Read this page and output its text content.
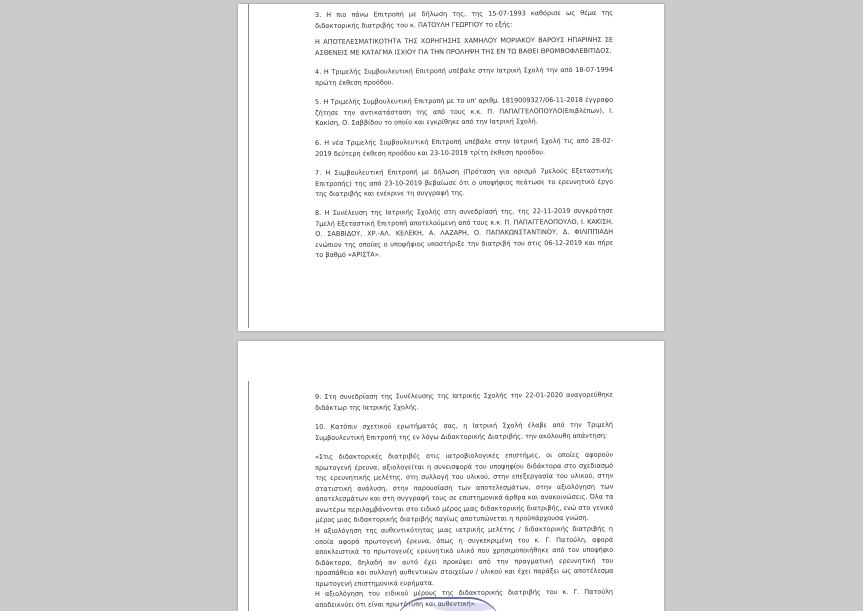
3. Η πιο πάνω Επιτροπή με δήλωση της, της 15-07-1993 καθόρισε ως θέμα της διδακτορικής διατριβής του κ. ΠΑΤΟΥΛΗ ΓΕΩΡΓΙΟΥ το εξής:

Η ΑΠΟΤΕΛΕΣΜΑΤΙΚΟΤΗΤΑ ΤΗΣ ΧΟΡΗΓΗΣΗΣ ΧΑΜΗΛΟΥ ΜΟΡΙΑΚΟΥ ΒΑΡΟΥΣ ΗΠΑΡΙΝΗΣ ΣΕ ΑΣΘΕΝΕΙΣ ΜΕ ΚΑΤΑΓΜΑ ΙΣΧΙΟΥ ΓΙΑ ΤΗΝ ΠΡΟΛΗΨΗ ΤΗΣ ΕΝ ΤΩ ΒΑΘΕΙ ΘΡΟΜΒΟΦΛΕΒΙΤΙΔΟΣ.

4. Η Τριμελής Συμβουλευτική Επιτροπή υπέβαλε στην Ιατρική Σχολή την από 18-07-1994 πρώτη έκθεση προόδου.

5. Η Τριμελής Συμβουλευτική Επιτροπή με το υπ' αριθμ. 1819009327/06-11-2018 έγγραφο ζήτησε την αντικατάσταση της από τους κ.κ. Π. ΠΑΠΑΓΓΕΛΟΠΟΥΛΟ(Επιβλέπων), Ι. Κακίση, Ο. Σαββίδου το οποίο και εγκρίθηκε από την Ιατρική Σχολή.

6. Η νέα Τριμελής Συμβουλευτική Επιτροπή υπέβαλε στην Ιατρική Σχολή τις από 28-02-2019 δεύτερη έκθεση προόδου και 23-10-2019 τρίτη έκθεση προόδου.

7. Η Συμβουλευτική Επιτροπή με δήλωση (Πρόταση για ορισμό 7μελούς Εξεταστικής Επιτροπής) της από 23-10-2019 βεβαίωσε ότι ο υποψήφιος πεάτωσε το ερευνητικό έργο της διατριβής και ενέκρινε τη συγγραφή της.

8. Η Συνέλευση της Ιατρικής Σχολής στη συνεδρίασή της, της 22-11-2019 συγκρότησε 7μελή Εξεταστική Επιτροπή αποτελούμενη από τους κ.κ. Π. ΠΑΠΑΓΓΕΛΟΠΟΥΛΟ, Ι. ΚΑΚΙΣΗ, Ο. ΣΑΒΒΙΔΟΥ, ΧΡ.-ΑΛ. ΚΕΛΕΚΗ, Α. ΛΑΖΑΡΗ, Ο. ΠΑΠΑΚΩΝΣΤΑΝΤΙΝΟΥ, Δ. ΦΙΛΙΠΠΙΑΔΗ ενώπιον της οποίας ο υποψήφιος υποστήριξε την διατριβή του στις 06-12-2019 και πήρε το βαθμό «ΑΡΙΣΤΑ».

9. Στη συνεδρίαση της Συνέλευσης της Ιατρικής Σχολής την 22-01-2020 αναγορεύθηκε διδάκτωρ της Ιατρικής Σχολής.

10. Κατόπιν σχετικού ερωτήματός σας, η Ιατρική Σχολή έλαβε από την Τριμελή Συμβουλευτική Επιτροπή της εν λόγω Διδακτορικής Διατριβής, την ακόλουθη απάντηση:

«Στις διδακτορικές διατριβές στις ιατροβιολογικές επιστήμες, οι οποίες αφορούν πρωτογενή έρευνα, αξιολογείται η συνεισφορά του υποψηφίου διδάκτορα στο σχεδιασμό της ερευνητικής μελέτης, στη συλλογή του υλικού, στην επεξεργασία του υλικού, στην στατιστική ανάλυση, στην παρουσίαση των αποτελεσμάτων, στην αξιολόγηση των αποτελεσμάτων και στη συγγραφή τους σε επιστημονικά άρθρα και ανακοινώσεις. Όλα τα ανωτέρω περιλαμβάνονται στο ειδικό μέρος μιας διδακτορικής διατριβής, ενώ στο γενικό μέρος μιας διδακτορικής διατριβής παγίως αποτυπώνεται η προϋπάρχουσα γνώση.

Η αξιολόγηση της αυθεντικότητας μιας ιατρικής μελέτης / διδακτορικής διατριβής η οποία αφορά πρωτογενή έρευνα, όπως η συγκεκριμένη του κ. Γ. Πατούλη, αφορά αποκλειστικά το πρωτογενές ερευνητικό υλικό που χρησιμοποιήθηκε από τον υποψήφιο διδάκτορα, δηλαδή αν αυτό έχει προκύψει από την πραγματική ερευνητική του προσπάθεια και συλλογή αυθεντικών στοιχείων / υλικού και έχει παράξει ως αποτέλεσμα πρωτογενή επιστημονικά ευρήματα.

Η αξιολόγηση του ειδικού μέρους της διδακτορικής διατριβής του κ. Γ. Πατούλη αποδεικνύει ότι είναι πρωτότυπη και αυθεντική».
